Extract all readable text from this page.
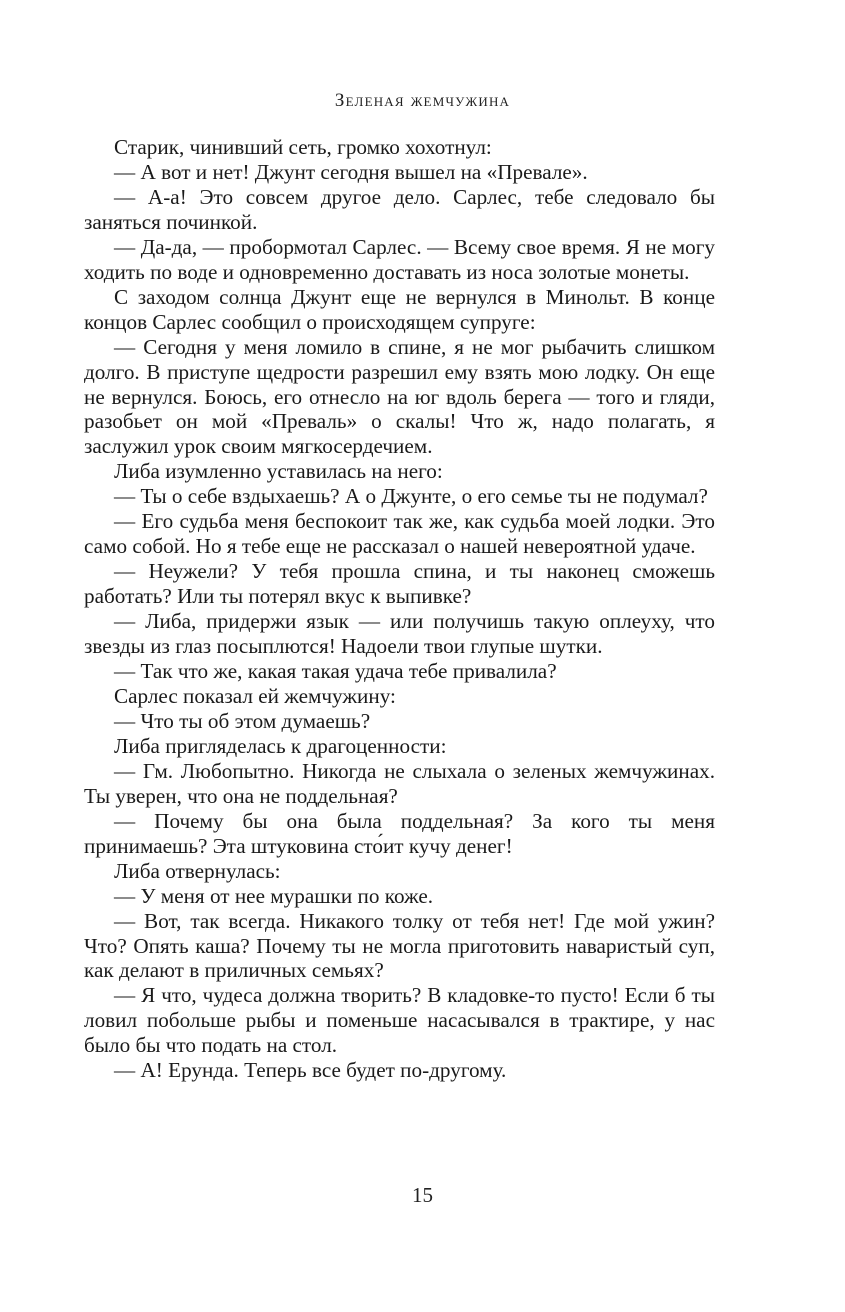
Зеленая жемчужина

Старик, чинивший сеть, громко хохотнул:

— А вот и нет! Джунт сегодня вышел на «Превале».

— А-а! Это совсем другое дело. Сарлес, тебе следовало бы заняться починкой.

— Да-да, — пробормотал Сарлес. — Всему свое время. Я не могу ходить по воде и одновременно доставать из носа золотые монеты.

С заходом солнца Джунт еще не вернулся в Минольт. В конце концов Сарлес сообщил о происходящем супруге:

— Сегодня у меня ломило в спине, я не мог рыбачить слишком долго. В приступе щедрости разрешил ему взять мою лодку. Он еще не вернулся. Боюсь, его отнесло на юг вдоль берега — того и гляди, разобьет он мой «Преваль» о скалы! Что ж, надо полагать, я заслужил урок своим мягкосердечием.

Либа изумленно уставилась на него:

— Ты о себе вздыхаешь? А о Джунте, о его семье ты не подумал?

— Его судьба меня беспокоит так же, как судьба моей лодки. Это само собой. Но я тебе еще не рассказал о нашей невероятной удаче.

— Неужели? У тебя прошла спина, и ты наконец сможешь работать? Или ты потерял вкус к выпивке?

— Либа, придержи язык — или получишь такую оплеуху, что звезды из глаз посыплются! Надоели твои глупые шутки.

— Так что же, какая такая удача тебе привалила?

Сарлес показал ей жемчужину:

— Что ты об этом думаешь?

Либа пригляделась к драгоценности:

— Гм. Любопытно. Никогда не слыхала о зеленых жемчужинах. Ты уверен, что она не поддельная?

— Почему бы она была поддельная? За кого ты меня принимаешь? Эта штуковина сто́ит кучу денег!

Либа отвернулась:

— У меня от нее мурашки по коже.

— Вот, так всегда. Никакого толку от тебя нет! Где мой ужин? Что? Опять каша? Почему ты не могла приготовить наваристый суп, как делают в приличных семьях?

— Я что, чудеса должна творить? В кладовке-то пусто! Если б ты ловил побольше рыбы и поменьше насасывался в трактире, у нас было бы что подать на стол.

— А! Ерунда. Теперь все будет по-другому.

15
